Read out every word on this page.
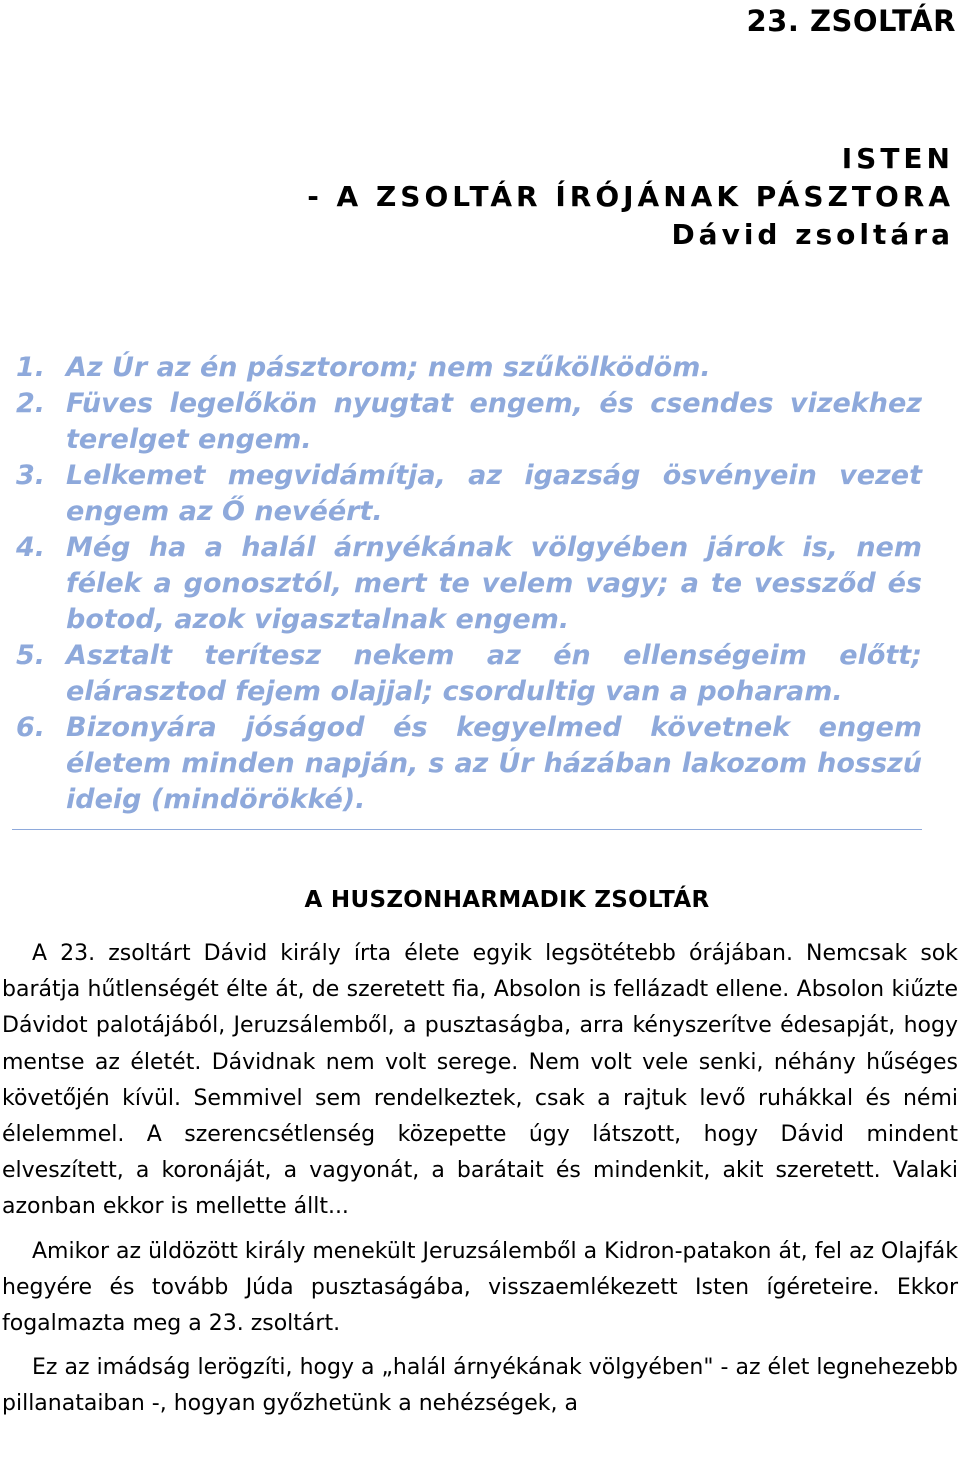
23. ZSOLTÁR
ISTEN
- A ZSOLTÁR ÍRÓJÁNAK PÁSZTORA
Dávid zsoltára
1. Az Úr az én pásztorom; nem szűkölködöm.
2. Füves legelőkön nyugtat engem, és csendes vizekhez terelget engem.
3. Lelkemet megvidámítja, az igazság ösvényein vezet engem az Ő nevéért.
4. Még ha a halál árnyékának völgyében járok is, nem félek a gonosztól, mert te velem vagy; a te vessződ és botod, azok vigasztalnak engem.
5. Asztalt terítesz nekem az én ellenségeim előtt; elárasztod fejem olajjal; csordultig van a poharam.
6. Bizonyára jóságod és kegyelmed követnek engem életem minden napján, s az Úr házában lakozom hosszú ideig (mindörökké).
A HUSZONHARMADIK ZSOLTÁR

A 23. zsoltárt Dávid király írta élete egyik legsötétebb órájában. Nemcsak sok barátja hűtlenségét élte át, de szeretett fia, Absolon is fellázadt ellene. Absolon kiűzte Dávidot palotájából, Jeruzsálemből, a pusztaságba, arra kényszerítve édesapját, hogy mentse az életét. Dávidnak nem volt serege. Nem volt vele senki, néhány hűséges követőjén kívül. Semmivel sem rendelkeztek, csak a rajtuk levő ruhákkal és némi élelemmel. A szerencsétlenség közepette úgy látszott, hogy Dávid mindent elveszített, a koronáját, a vagyonát, a barátait és mindenkit, akit szeretett. Valaki azonban ekkor is mellette állt...

Amikor az üldözött király menekült Jeruzsálemből a Kidron-patakon át, fel az Olajfák hegyére és tovább Júda pusztaságába, visszaemlékezett Isten ígéreteire. Ekkor fogalmazta meg a 23. zsoltárt.

Ez az imádság lerögzíti, hogy a „halál árnyékának völgyében" - az élet legnehezebb pillanataiban -, hogyan győzhetünk a nehézségek, a
